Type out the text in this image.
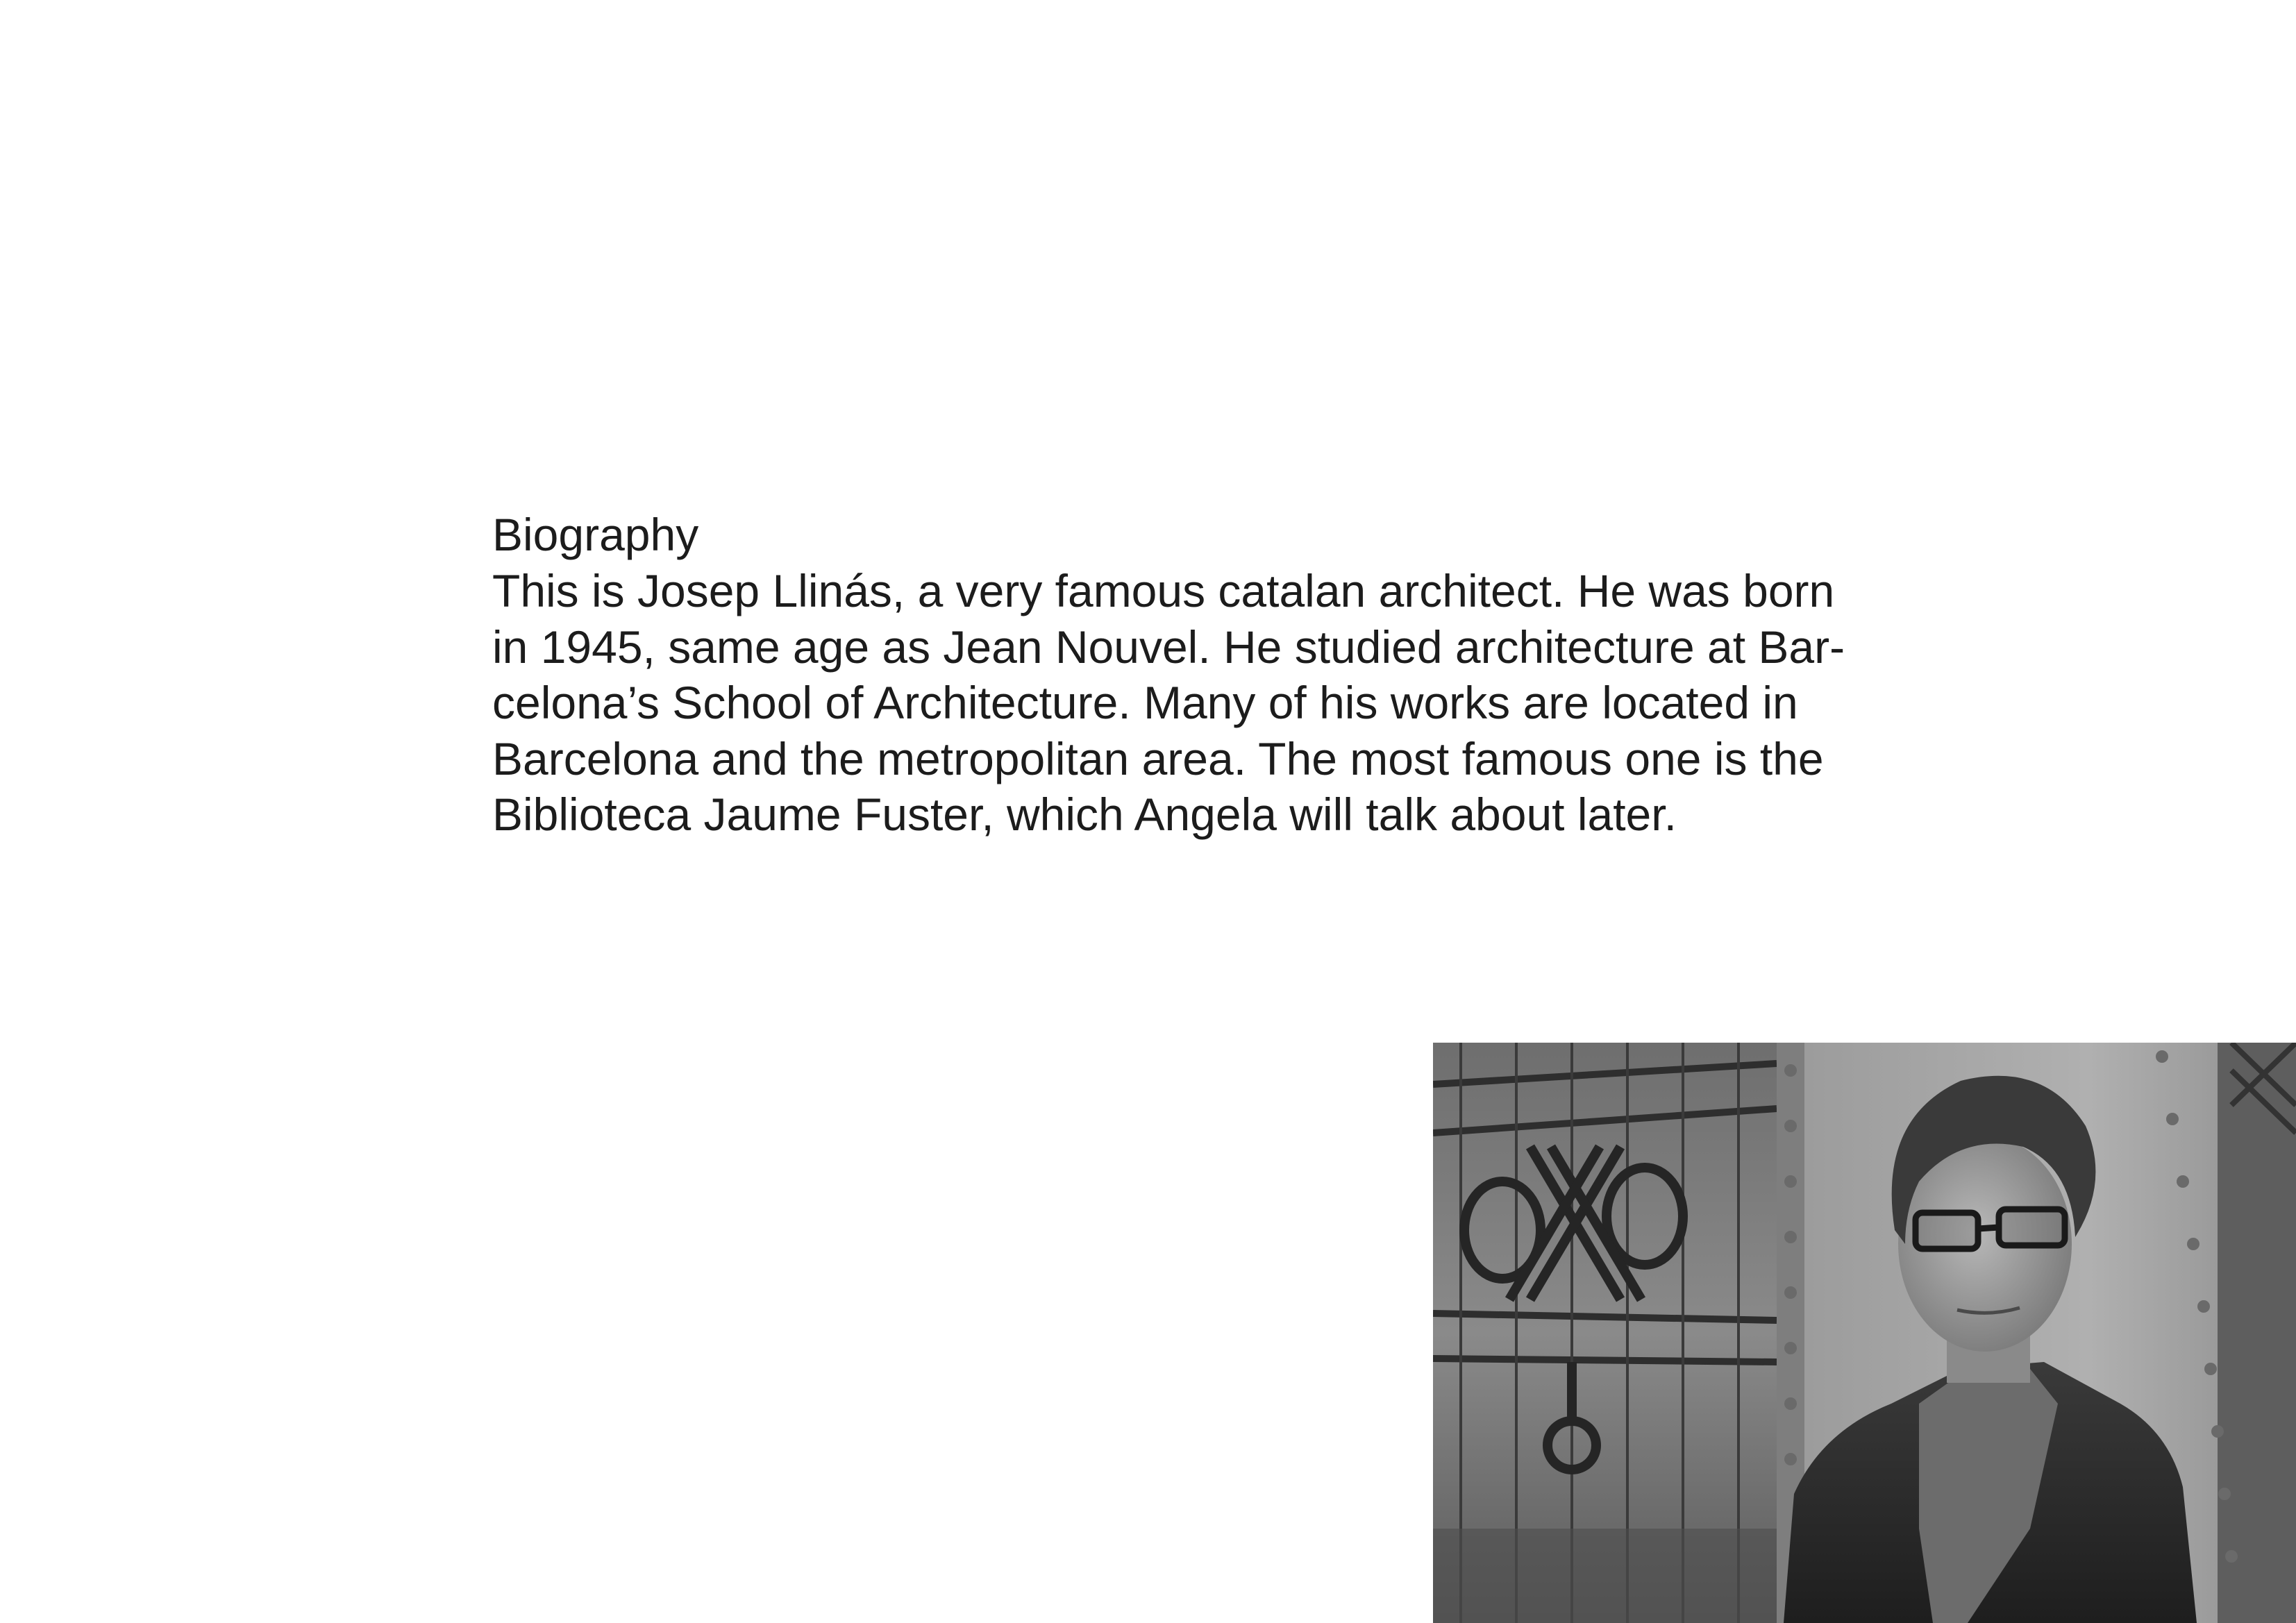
Biography

This is Josep Llinás, a very famous catalan architect. He was born

in 1945, same age as Jean Nouvel. He studied architecture at Bar-

celona’s School of Architecture. Many of his works are located in

Barcelona and the metropolitan area. The most famous one is the

Biblioteca Jaume Fuster, which Angela will talk about later.
